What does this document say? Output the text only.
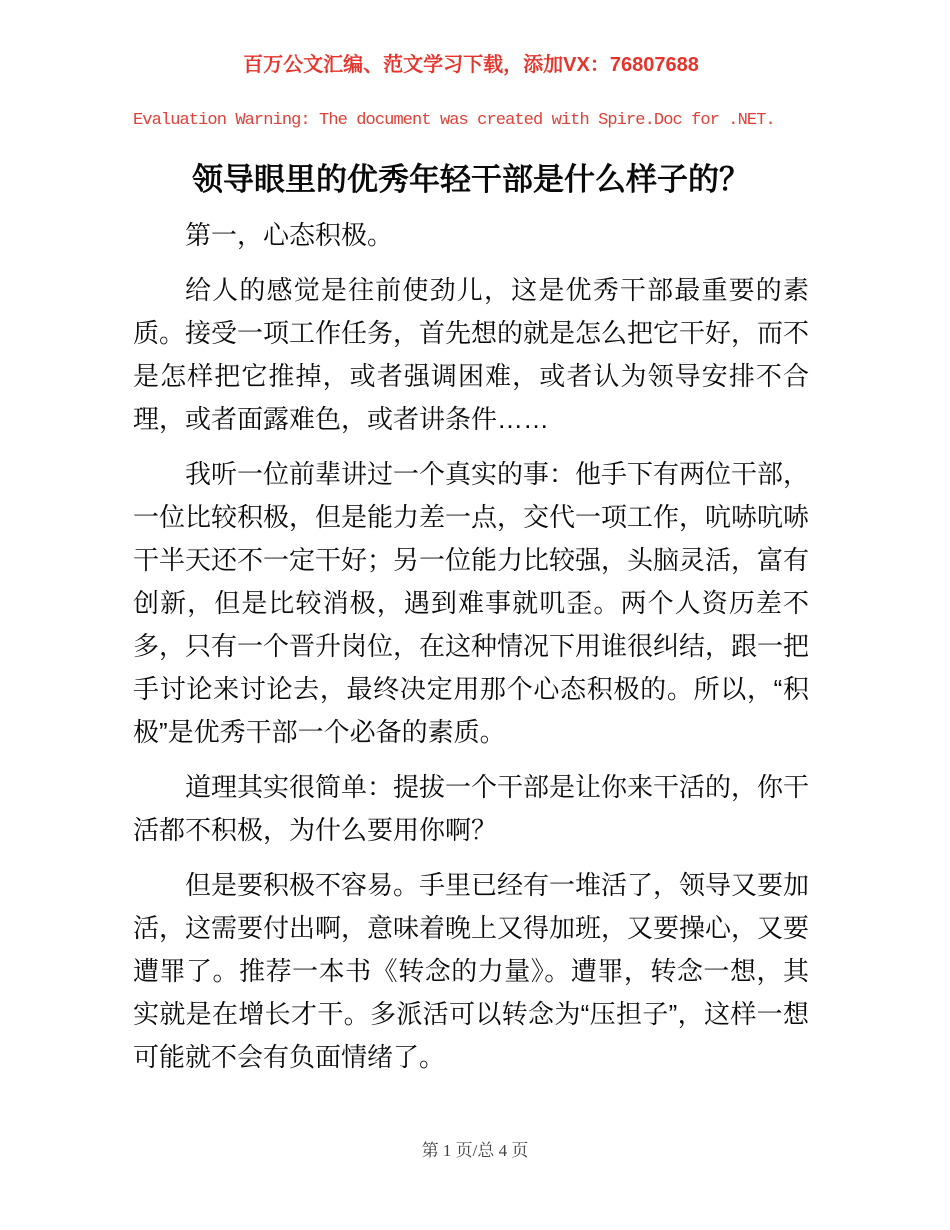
百万公文汇编、范文学习下载，添加VX：76807688
Evaluation Warning: The document was created with Spire.Doc for .NET.
领导眼里的优秀年轻干部是什么样子的？

第一，心态积极。

给人的感觉是往前使劲儿，这是优秀干部最重要的素质。接受一项工作任务，首先想的就是怎么把它干好，而不是怎样把它推掉，或者强调困难，或者认为领导安排不合理，或者面露难色，或者讲条件……

我听一位前辈讲过一个真实的事：他手下有两位干部，一位比较积极，但是能力差一点，交代一项工作，吭哧吭哧干半天还不一定干好；另一位能力比较强，头脑灵活，富有创新，但是比较消极，遇到难事就叽歪。两个人资历差不多，只有一个晋升岗位，在这种情况下用谁很纠结，跟一把手讨论来讨论去，最终决定用那个心态积极的。所以，“积极”是优秀干部一个必备的素质。

道理其实很简单：提拔一个干部是让你来干活的，你干活都不积极，为什么要用你啊？

但是要积极不容易。手里已经有一堆活了，领导又要加活，这需要付出啊，意味着晚上又得加班，又要操心，又要遭罪了。推荐一本书《转念的力量》。遭罪，转念一想，其实就是在增长才干。多派活可以转念为“压担子”，这样一想可能就不会有负面情绪了。

第 1 页/总 4 页
